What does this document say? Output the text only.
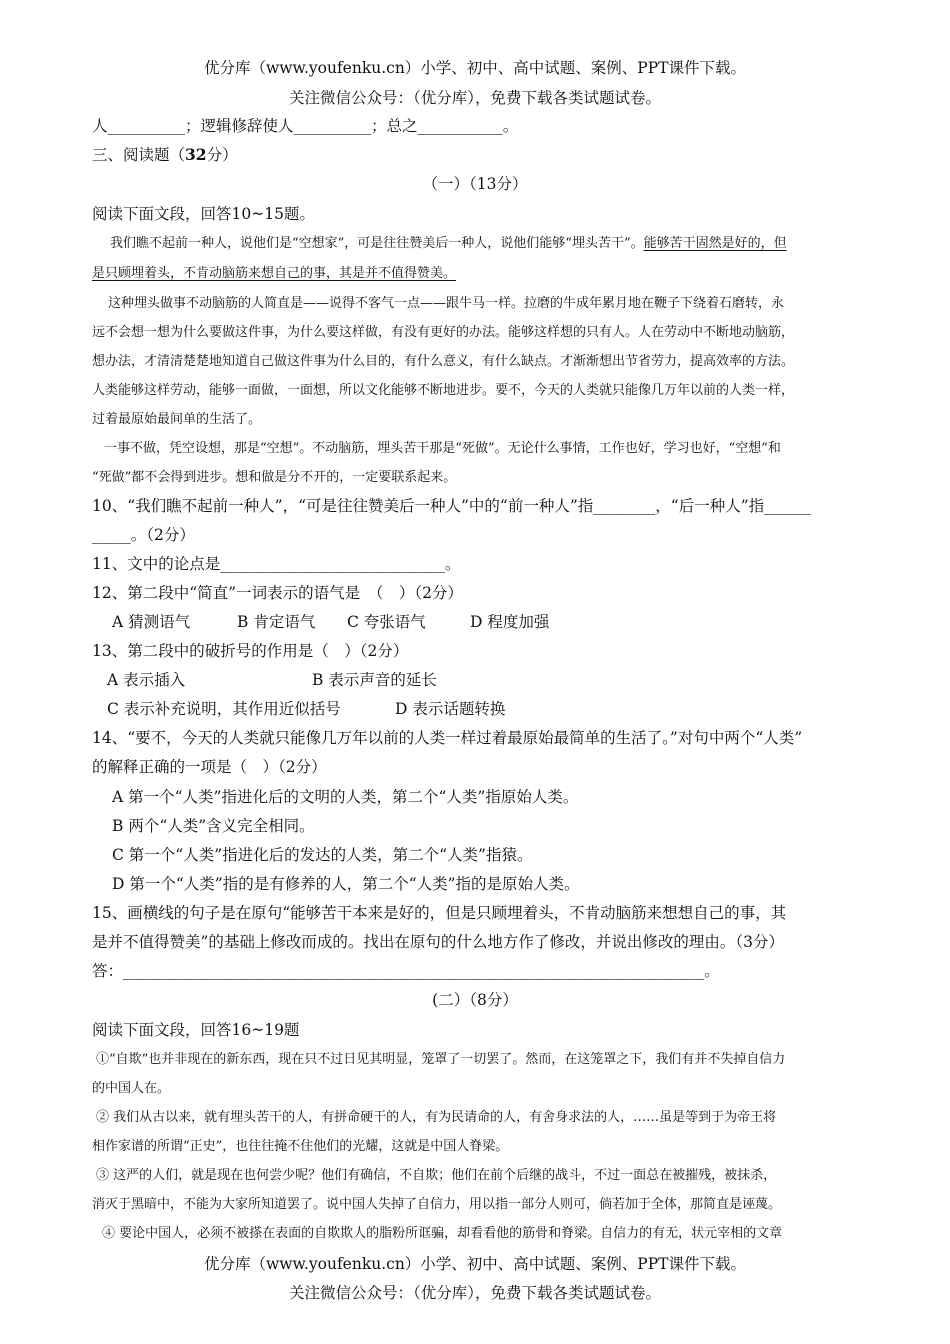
优分库（www.youfenku.cn）小学、初中、高中试题、案例、PPT课件下载。
关注微信公众号：（优分库），免费下载各类试题试卷。
人__________；逻辑修辞使人__________；总之___________。
三、阅读题（32分）
（一）（13分）
阅读下面文段，回答10~15题。
我们瞧不起前一种人，说他们是“空想家”，可是往往赞美后一种人，说他们能够“埋头苦干”。能够苦干固然是好的，但
是只顾埋着头，不肯动脑筋来想自己的事，其是并不值得赞美。
这种埋头做事不动脑筋的人简直是——说得不客气一点——跟牛马一样。拉磨的牛成年累月地在鞭子下绕着石磨转，永
远不会想一想为什么要做这件事，为什么要这样做，有没有更好的办法。能够这样想的只有人。人在劳动中不断地动脑筋，
想办法，才清清楚楚地知道自己做这件事为什么目的，有什么意义，有什么缺点。才渐渐想出节省劳力，提高效率的方法。
人类能够这样劳动，能够一面做，一面想，所以文化能够不断地进步。要不，今天的人类就只能像几万年以前的人类一样，
过着最原始最间单的生活了。
一事不做，凭空设想，那是“空想”。不动脑筋，埋头苦干那是“死做”。无论什么事情，工作也好，学习也好，“空想”和
“死做”都不会得到进步。想和做是分不开的，一定要联系起来。
10、“我们瞧不起前一种人”，“可是往往赞美后一种人”中的“前一种人”指________，“后一种人”指______
_____。（2分）
11、文中的论点是_____________________________。
12、第二段中“简直”一词表示的语气是　（　）（2分）
A 猜测语气	B 肯定语气 C 夸张语气	D 程度加强
13、第二段中的破折号的作用是（　）（2分）
A 表示插入	B 表示声音的延长
C 表示补充说明，其作用近似括号	D 表示话题转换
14、“要不，今天的人类就只能像几万年以前的人类一样过着最原始最简单的生活了。”对句中两个“人类”
的解释正确的一项是（　）（2分）
A 第一个“人类”指进化后的文明的人类，第二个“人类”指原始人类。
B 两个“人类”含义完全相同。
C 第一个“人类”指进化后的发达的人类，第二个“人类”指猿。
D 第一个“人类”指的是有修养的人，第二个“人类”指的是原始人类。
15、画横线的句子是在原句“能够苦干本来是好的，但是只顾埋着头，不肯动脑筋来想想自己的事，其
是并不值得赞美”的基础上修改而成的。找出在原句的什么地方作了修改，并说出修改的理由。（3分）
答：___________________________________________________________________________。
(二）（8分）
阅读下面文段，回答16~19题
①“自欺”也并非现在的新东西，现在只不过日见其明显，笼罩了一切罢了。然而，在这笼罩之下，我们有并不失掉自信力
的中国人在。
② 我们从古以来，就有埋头苦干的人，有拼命硬干的人，有为民请命的人，有舍身求法的人，……虽是等到于为帝王将
相作家谱的所谓“正史”，也往往掩不住他们的光耀，这就是中国人脊梁。
③ 这严的人们，就是现在也何尝少呢？他们有确信，不自欺；他们在前个后继的战斗，不过一面总在被摧残，被抹杀，
消灭于黑暗中，不能为大家所知道罢了。说中国人失掉了自信力，用以指一部分人则可，倘若加于全体，那简直是诬蔑。
④ 要论中国人，必须不被搽在表面的自欺欺人的脂粉所诓骗，却看看他的筋骨和脊梁。自信力的有无，状元宰相的文章
优分库（www.youfenku.cn）小学、初中、高中试题、案例、PPT课件下载。
关注微信公众号：（优分库），免费下载各类试题试卷。
